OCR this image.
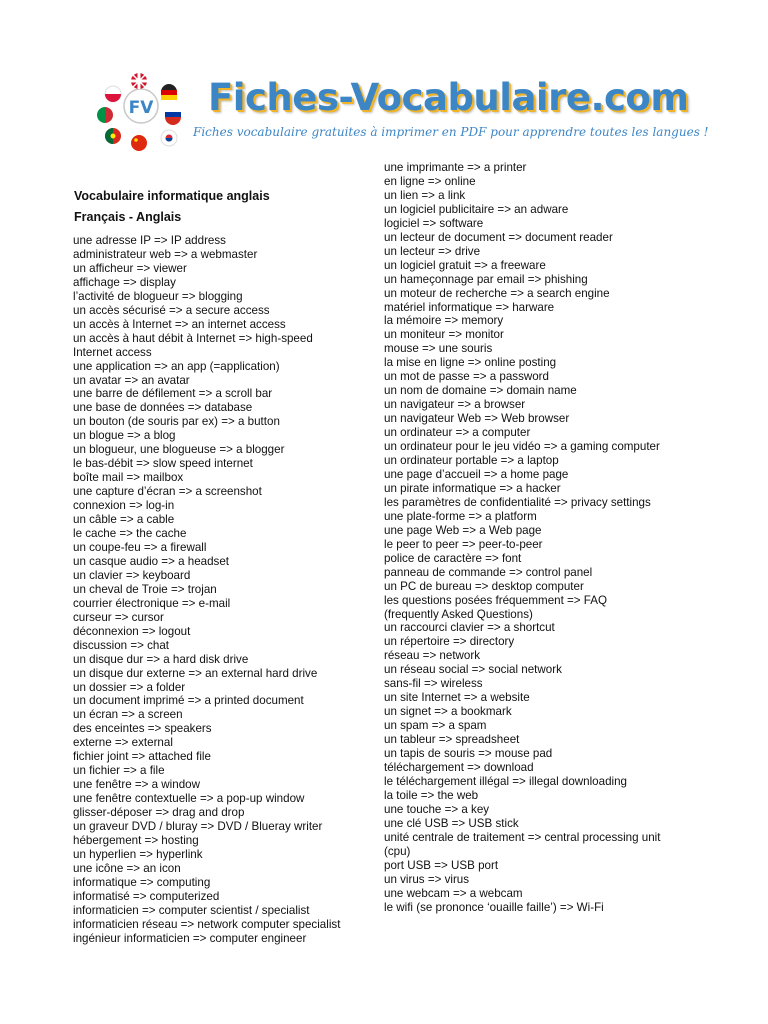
FV Fiches-Vocabulaire.com
Fiches vocabulaire gratuites à imprimer en PDF pour apprendre toutes les langues !
Vocabulaire informatique anglais
Français - Anglais
une adresse IP => IP address
administrateur web => a webmaster
un afficheur => viewer
affichage => display
l’activité de blogueur => blogging
un accès sécurisé => a secure access
un accès à Internet => an internet access
un accès à haut débit à Internet => high-speed
Internet access
une application => an app (=application)
un avatar => an avatar
une barre de défilement => a scroll bar
une base de données => database
un bouton (de souris par ex) => a button
un blogue => a blog
un blogueur, une blogueuse => a blogger
le bas-débit => slow speed internet
boîte mail => mailbox
une capture d’écran => a screenshot
connexion => log-in
un câble => a cable
le cache => the cache
un coupe-feu => a firewall
un casque audio => a headset
un clavier => keyboard
un cheval de Troie => trojan
courrier électronique => e-mail
curseur => cursor
déconnexion => logout
discussion => chat
un disque dur => a hard disk drive
un disque dur externe => an external hard drive
un dossier => a folder
un document imprimé => a printed document
un écran => a screen
des enceintes => speakers
externe => external
fichier joint => attached file
un fichier => a file
une fenêtre => a window
une fenêtre contextuelle => a pop-up window
glisser-déposer => drag and drop
un graveur DVD / bluray => DVD / Blueray writer
hébergement => hosting
un hyperlien => hyperlink
une icône => an icon
informatique => computing
informatisé => computerized
informaticien => computer scientist / specialist
informaticien réseau => network computer specialist
ingénieur informaticien => computer engineer
une imprimante => a printer
en ligne => online
un lien => a link
un logiciel publicitaire => an adware
logiciel => software
un lecteur de document => document reader
un lecteur => drive
un logiciel gratuit => a freeware
un hameçonnage par email => phishing
un moteur de recherche => a search engine
matériel informatique => harware
la mémoire => memory
un moniteur => monitor
mouse => une souris
la mise en ligne => online posting
un mot de passe => a password
un nom de domaine => domain name
un navigateur => a browser
un navigateur Web => Web browser
un ordinateur => a computer
un ordinateur pour le jeu vidéo => a gaming computer
un ordinateur portable => a laptop
une page d’accueil => a home page
un pirate informatique => a hacker
les paramètres de confidentialité => privacy settings
une plate-forme => a platform
une page Web => a Web page
le peer to peer => peer-to-peer
police de caractère => font
panneau de commande => control panel
un PC de bureau => desktop computer
les questions posées fréquemment => FAQ
(frequently Asked Questions)
un raccourci clavier => a shortcut
un répertoire => directory
réseau => network
un réseau social => social network
sans-fil => wireless
un site Internet => a website
un signet => a bookmark
un spam => a spam
un tableur => spreadsheet
un tapis de souris => mouse pad
téléchargement => download
le téléchargement illégal => illegal downloading
la toile => the web
une touche => a key
une clé USB => USB stick
unité centrale de traitement => central processing unit
(cpu)
port USB => USB port
un virus => virus
une webcam => a webcam
le wifi (se prononce ‘ouaille faille’) => Wi-Fi
